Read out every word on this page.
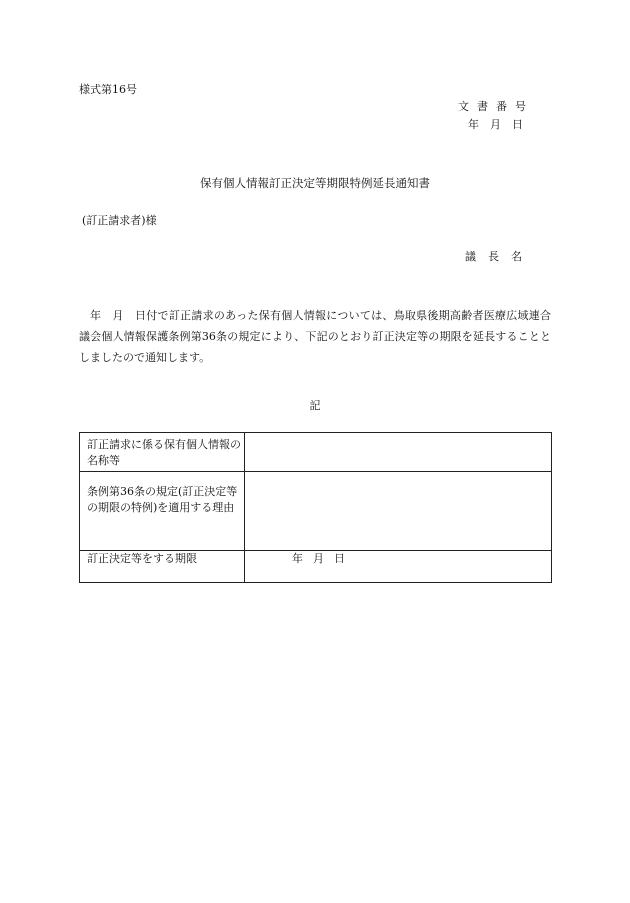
様式第16号
文書番号
年月日
保有個人情報訂正決定等期限特例延長通知書
(訂正請求者)様
議長名
年　月　日付で訂正請求のあった保有個人情報については、鳥取県後期高齢者医療広域連合議会個人情報保護条例第36条の規定により、下記のとおり訂正決定等の期限を延長することとしましたので通知します。
記
訂正請求に係る保有個人情報の名称等	
条例第36条の規定(訂正決定等の期限の特例)を適用する理由	
訂正決定等をする期限	年月日
